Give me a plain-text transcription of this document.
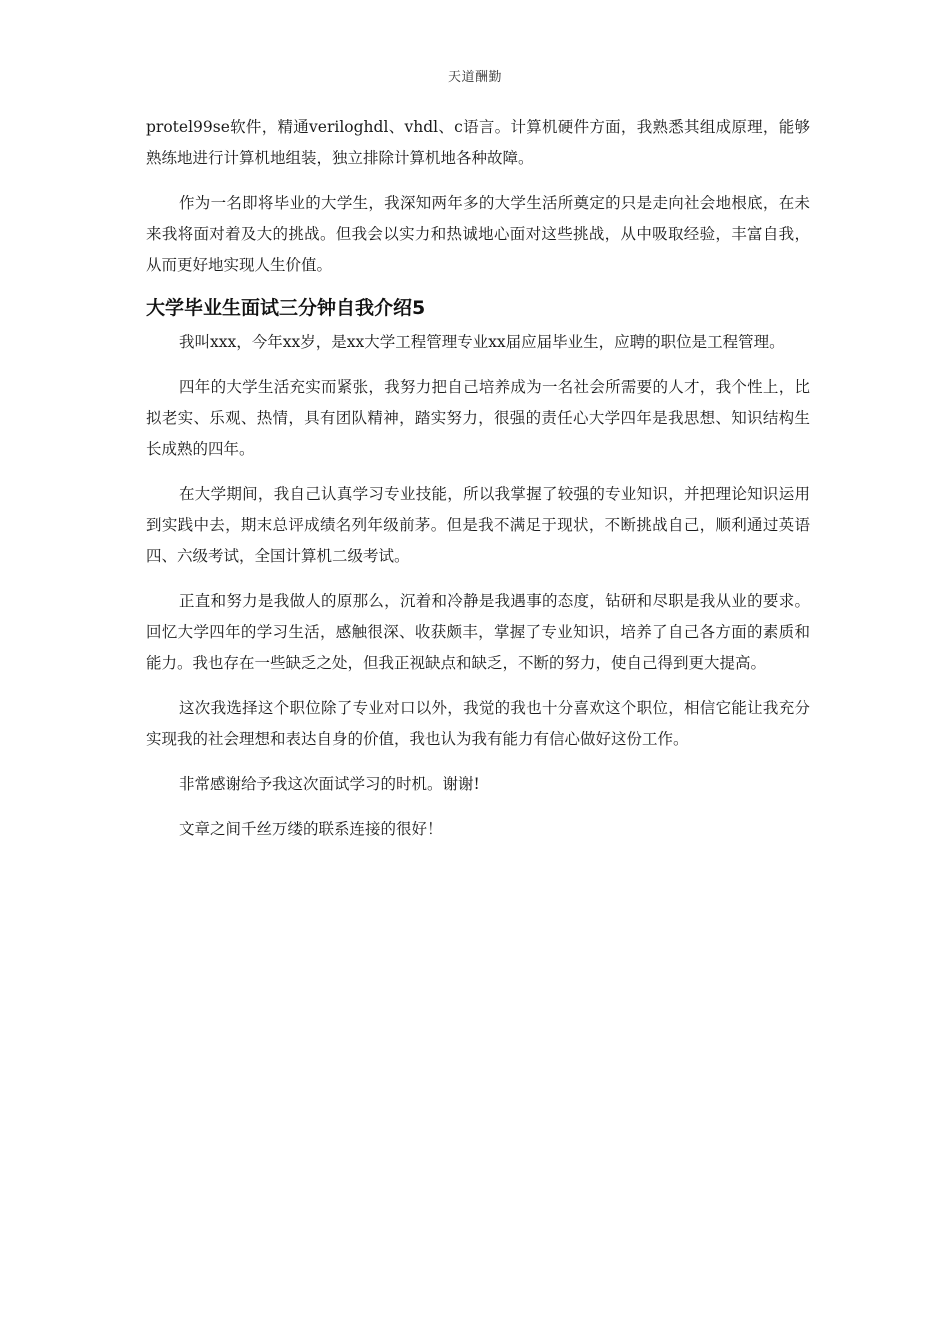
天道酬勤

protel99se软件，精通veriloghdl、vhdl、c语言。计算机硬件方面，我熟悉其组成原理，能够熟练地进行计算机地组装，独立排除计算机地各种故障。

作为一名即将毕业的大学生，我深知两年多的大学生活所奠定的只是走向社会地根底，在未来我将面对着及大的挑战。但我会以实力和热诚地心面对这些挑战，从中吸取经验，丰富自我，从而更好地实现人生价值。

大学毕业生面试三分钟自我介绍5

我叫xxx，今年xx岁，是xx大学工程管理专业xx届应届毕业生，应聘的职位是工程管理。

四年的大学生活充实而紧张，我努力把自己培养成为一名社会所需要的人才，我个性上，比拟老实、乐观、热情，具有团队精神，踏实努力，很强的责任心大学四年是我思想、知识结构生长成熟的四年。

在大学期间，我自己认真学习专业技能，所以我掌握了较强的专业知识，并把理论知识运用到实践中去，期末总评成绩名列年级前茅。但是我不满足于现状，不断挑战自己，顺利通过英语四、六级考试，全国计算机二级考试。

正直和努力是我做人的原那么，沉着和冷静是我遇事的态度，钻研和尽职是我从业的要求。回忆大学四年的学习生活，感触很深、收获颇丰，掌握了专业知识，培养了自己各方面的素质和能力。我也存在一些缺乏之处，但我正视缺点和缺乏，不断的努力，使自己得到更大提高。

这次我选择这个职位除了专业对口以外，我觉的我也十分喜欢这个职位，相信它能让我充分实现我的社会理想和表达自身的价值，我也认为我有能力有信心做好这份工作。

非常感谢给予我这次面试学习的时机。谢谢!

文章之间千丝万缕的联系连接的很好！
